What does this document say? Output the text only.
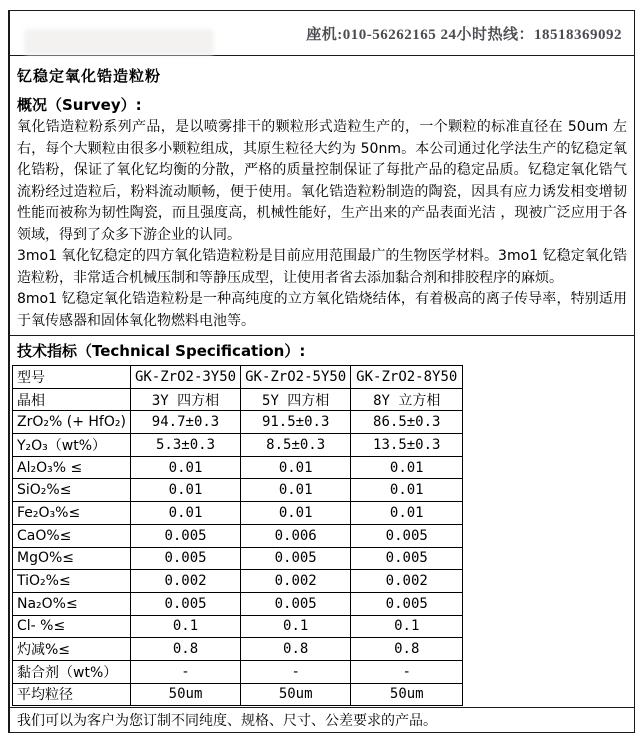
座机:010-56262165 24小时热线：18518369092
钇稳定氧化锆造粒粉
概况（Survey）:
氧化锆造粒粉系列产品，是以喷雾排干的颗粒形式造粒生产的，一个颗粒的标准直径在 50um 左右，每个大颗粒由很多小颗粒组成，其原生粒径大约为 50nm。本公司通过化学法生产的钇稳定氧化锆粉，保证了氧化钇均衡的分散，严格的质量控制保证了每批产品的稳定品质。钇稳定氧化锆气流粉经过造粒后，粉料流动顺畅，便于使用。氧化锆造粒粉制造的陶瓷，因具有应力诱发相变增韧性能而被称为韧性陶瓷，而且强度高，机械性能好，生产出来的产品表面光洁 ，现被广泛应用于各领域，得到了众多下游企业的认同。
3mo1 氧化钇稳定的四方氧化锆造粒粉是目前应用范围最广的生物医学材料。3mo1 钇稳定氧化锆造粒粉，非常适合机械压制和等静压成型，让使用者省去添加黏合剂和排胶程序的麻烦。
8mo1 钇稳定氧化锆造粒粉是一种高纯度的立方氧化锆烧结体，有着极高的离子传导率，特别适用于氧传感器和固体氧化物燃料电池等。
技术指标（Technical Specification）:
型号	GK-ZrO2-3Y50	GK-ZrO2-5Y50	GK-ZrO2-8Y50
晶相	3Y 四方相	5Y 四方相	8Y 立方相
ZrO₂% (+ HfO₂)	94.7±0.3	91.5±0.3	86.5±0.3
Y₂O₃（wt%）	5.3±0.3	8.5±0.3	13.5±0.3
Al₂O₃% ≤	0.01	0.01	0.01
SiO₂%≤	0.01	0.01	0.01
Fe₂O₃%≤	0.01	0.01	0.01
CaO%≤	0.005	0.006	0.005
MgO%≤	0.005	0.005	0.005
TiO₂%≤	0.002	0.002	0.002
Na₂O%≤	0.005	0.005	0.005
Cl- %≤	0.1	0.1	0.1
灼减%≤	0.8	0.8	0.8
黏合剂（wt%）	-	-	-
平均粒径	50um	50um	50um
我们可以为客户为您订制不同纯度、规格、尺寸、公差要求的产品。
